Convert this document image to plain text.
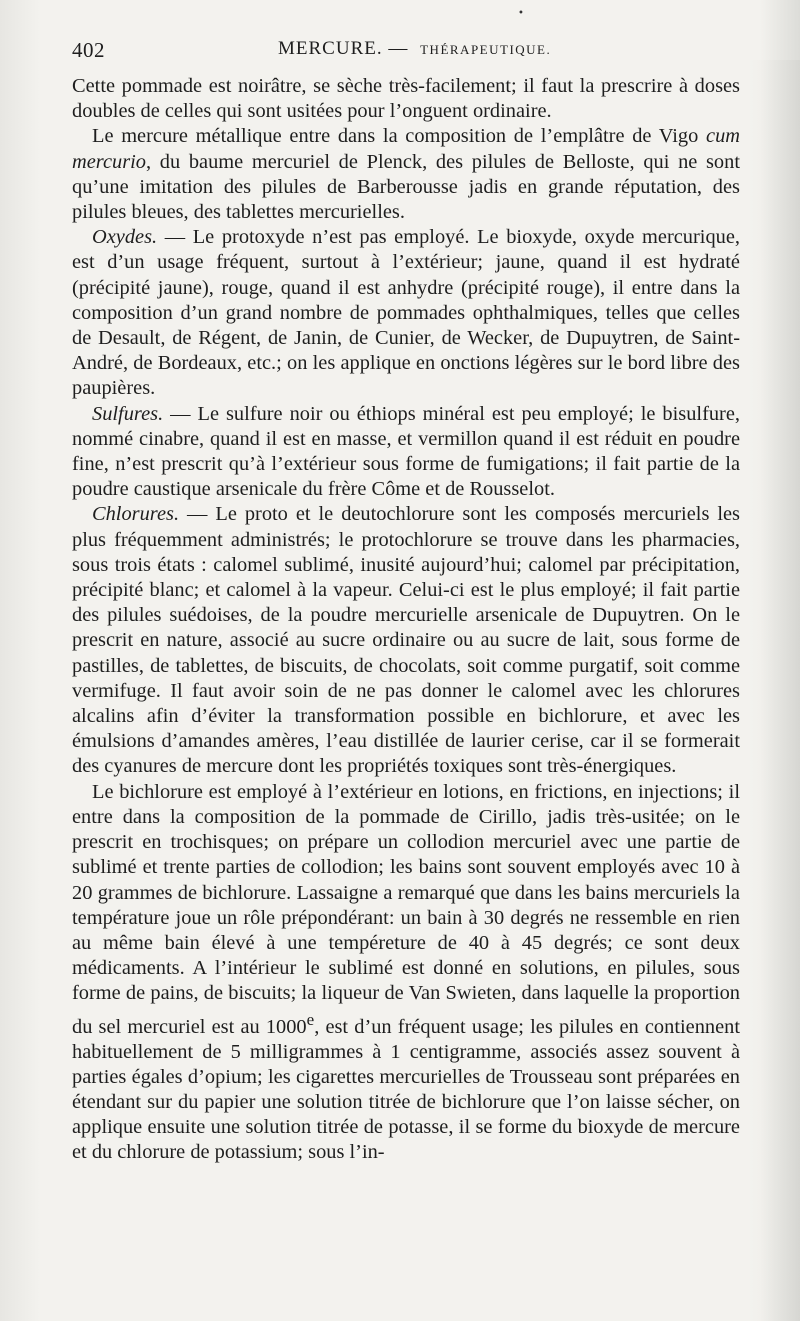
•
402	MERCURE. — THÉRAPEUTIQUE.

Cette pommade est noirâtre, se sèche très-facilement; il faut la prescrire à doses doubles de celles qui sont usitées pour l’onguent ordinaire.

Le mercure métallique entre dans la composition de l’emplâtre de Vigo cum mercurio, du baume mercuriel de Plenck, des pilules de Belloste, qui ne sont qu’une imitation des pilules de Barberousse jadis en grande réputation, des pilules bleues, des tablettes mercurielles.

Oxydes. — Le protoxyde n’est pas employé. Le bioxyde, oxyde mercurique, est d’un usage fréquent, surtout à l’extérieur; jaune, quand il est hydraté (précipité jaune), rouge, quand il est anhydre (précipité rouge), il entre dans la composition d’un grand nombre de pommades ophthalmiques, telles que celles de Desault, de Régent, de Janin, de Cunier, de Wecker, de Dupuytren, de Saint-André, de Bordeaux, etc.; on les applique en onctions légères sur le bord libre des paupières.

Sulfures. — Le sulfure noir ou éthiops minéral est peu employé; le bisulfure, nommé cinabre, quand il est en masse, et vermillon quand il est réduit en poudre fine, n’est prescrit qu’à l’extérieur sous forme de fumigations; il fait partie de la poudre caustique arsenicale du frère Côme et de Rousselot.

Chlorures. — Le proto et le deutochlorure sont les composés mercuriels les plus fréquemment administrés; le protochlorure se trouve dans les pharmacies, sous trois états : calomel sublimé, inusité aujourd’hui; calomel par précipitation, précipité blanc; et calomel à la vapeur. Celui-ci est le plus employé; il fait partie des pilules suédoises, de la poudre mercurielle arsenicale de Dupuytren. On le prescrit en nature, associé au sucre ordinaire ou au sucre de lait, sous forme de pastilles, de tablettes, de biscuits, de chocolats, soit comme purgatif, soit comme vermifuge. Il faut avoir soin de ne pas donner le calomel avec les chlorures alcalins afin d’éviter la transformation possible en bichlorure, et avec les émulsions d’amandes amères, l’eau distillée de laurier cerise, car il se formerait des cyanures de mercure dont les propriétés toxiques sont très-énergiques.

Le bichlorure est employé à l’extérieur en lotions, en frictions, en injections; il entre dans la composition de la pommade de Cirillo, jadis très-usitée; on le prescrit en trochisques; on prépare un collodion mercuriel avec une partie de sublimé et trente parties de collodion; les bains sont souvent employés avec 10 à 20 grammes de bichlorure. Lassaigne a remarqué que dans les bains mercuriels la température joue un rôle prépondérant: un bain à 30 degrés ne ressemble en rien au même bain élevé à une tempéreture de 40 à 45 degrés; ce sont deux médicaments. A l’intérieur le sublimé est donné en solutions, en pilules, sous forme de pains, de biscuits; la liqueur de Van Swieten, dans laquelle la proportion du sel mercuriel est au 1000e, est d’un fréquent usage; les pilules en contiennent habituellement de 5 milligrammes à 1 centigramme, associés assez souvent à parties égales d’opium; les cigarettes mercurielles de Trousseau sont préparées en étendant sur du papier une solution titrée de bichlorure que l’on laisse sécher, on applique ensuite une solution titrée de potasse, il se forme du bioxyde de mercure et du chlorure de potassium; sous l’in-
